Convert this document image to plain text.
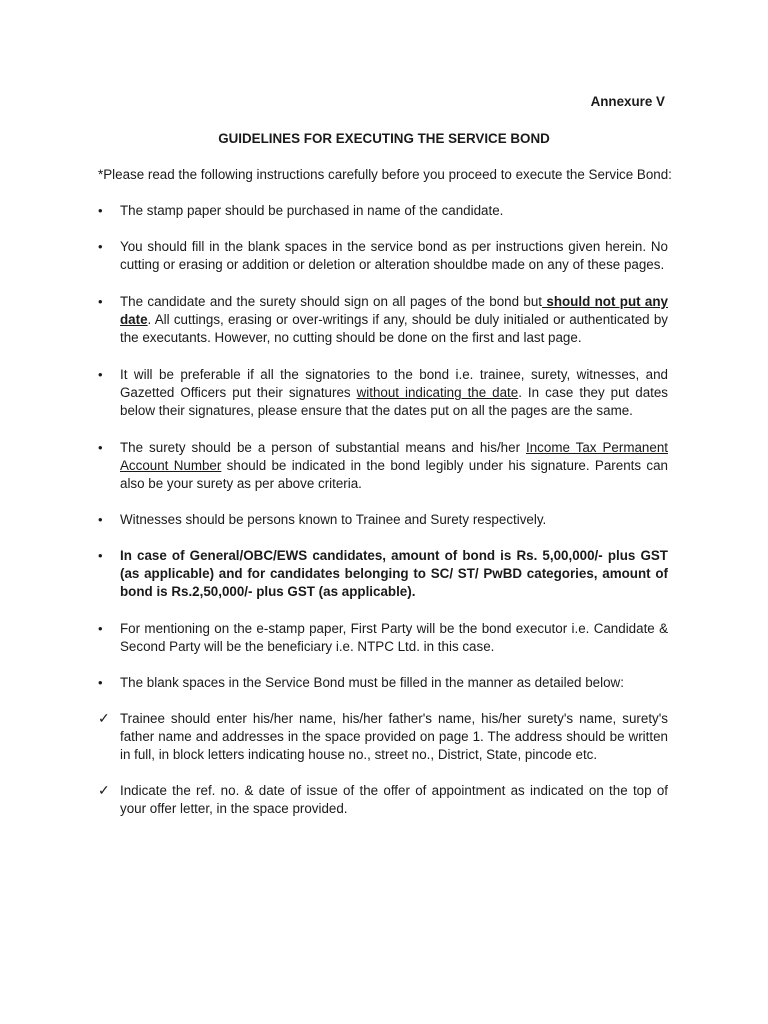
Annexure V
GUIDELINES FOR EXECUTING THE SERVICE BOND
*Please read the following instructions carefully before you proceed to execute the Service Bond:
•	The stamp paper should be purchased in name of the candidate.
•	You should fill in the blank spaces in the service bond as per instructions given herein. No cutting or erasing or addition or deletion or alteration shouldbe made on any of these pages.
•	The candidate and the surety should sign on all pages of the bond but should not put any date. All cuttings, erasing or over-writings if any, should be duly initialed or authenticated by the executants. However, no cutting should be done on the first and last page.
•	It will be preferable if all the signatories to the bond i.e. trainee, surety, witnesses, and Gazetted Officers put their signatures without indicating the date. In case they put dates below their signatures, please ensure that the dates put on all the pages are the same.
•	The surety should be a person of substantial means and his/her Income Tax Permanent Account Number should be indicated in the bond legibly under his signature. Parents can also be your surety as per above criteria.
•	Witnesses should be persons known to Trainee and Surety respectively.
•	In case of General/OBC/EWS candidates, amount of bond is Rs. 5,00,000/- plus GST (as applicable) and for candidates belonging to SC/ ST/ PwBD categories, amount of bond is Rs.2,50,000/- plus GST (as applicable).
•	For mentioning on the e-stamp paper, First Party will be the bond executor i.e. Candidate & Second Party will be the beneficiary i.e. NTPC Ltd. in this case.
•	The blank spaces in the Service Bond must be filled in the manner as detailed below:
✓ Trainee should enter his/her name, his/her father's name, his/her surety's name, surety's father name and addresses in the space provided on page 1. The address should be written in full, in block letters indicating house no., street no., District, State, pincode etc.
✓ Indicate the ref. no. & date of issue of the offer of appointment as indicated on the top of your offer letter, in the space provided.
